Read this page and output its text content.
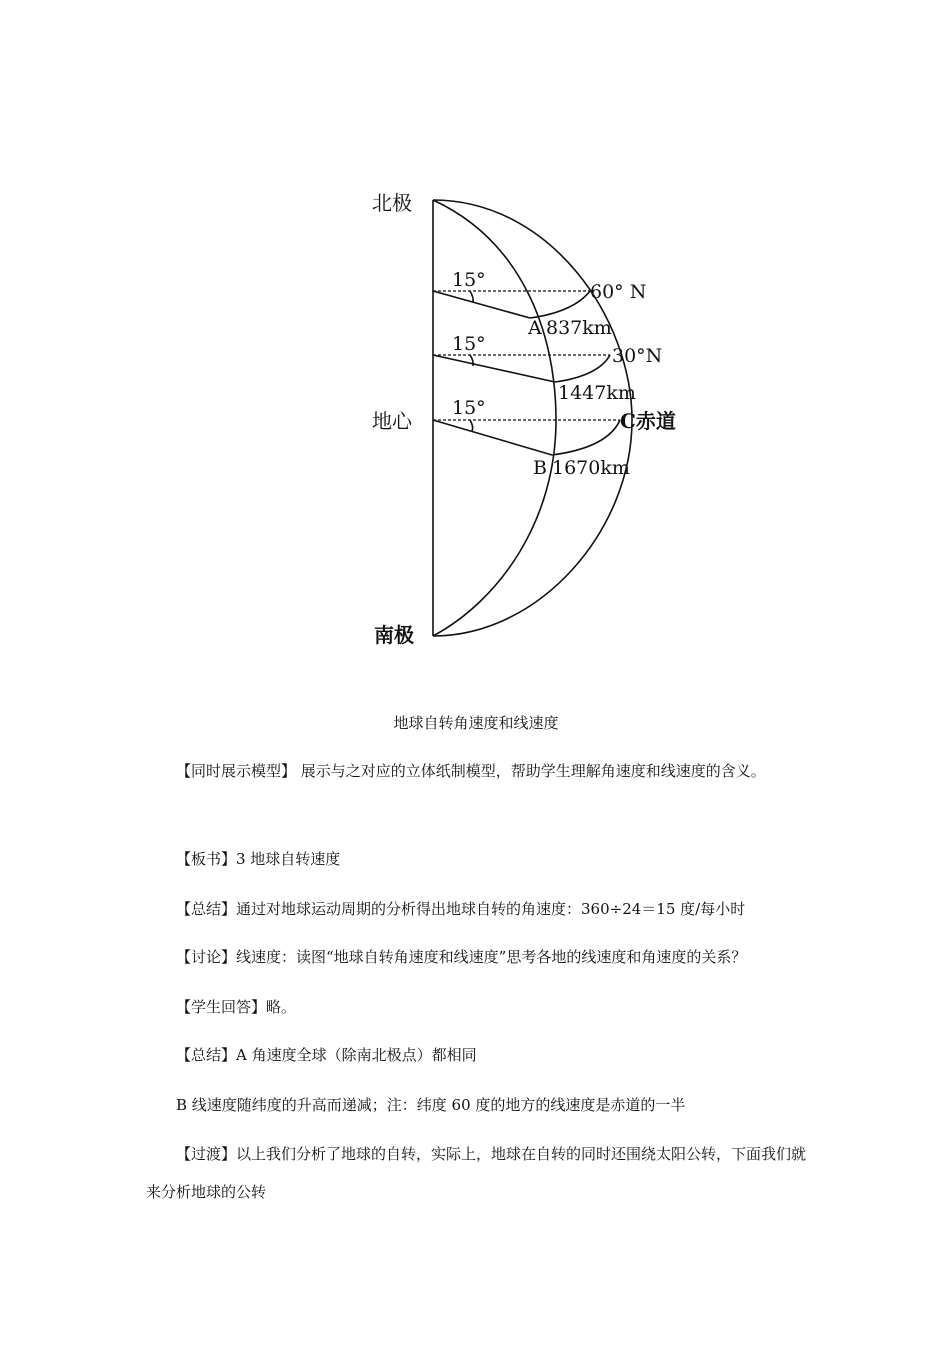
北极
地心
南极
15°
15°
15°
60° N
30°N
C赤道
A 837km
1447km
B 1670km
地球自转角速度和线速度

【同时展示模型】 展示与之对应的立体纸制模型，帮助学生理解角速度和线速度的含义。

【板书】3 地球自转速度

【总结】通过对地球运动周期的分析得出地球自转的角速度：360÷24＝15 度/每小时

【讨论】线速度：读图“地球自转角速度和线速度”思考各地的线速度和角速度的关系？

【学生回答】略。

【总结】A 角速度全球（除南北极点）都相同

B 线速度随纬度的升高而递减；注：纬度 60 度的地方的线速度是赤道的一半

【过渡】以上我们分析了地球的自转，实际上，地球在自转的同时还围绕太阳公转，下面我们就来分析地球的公转
